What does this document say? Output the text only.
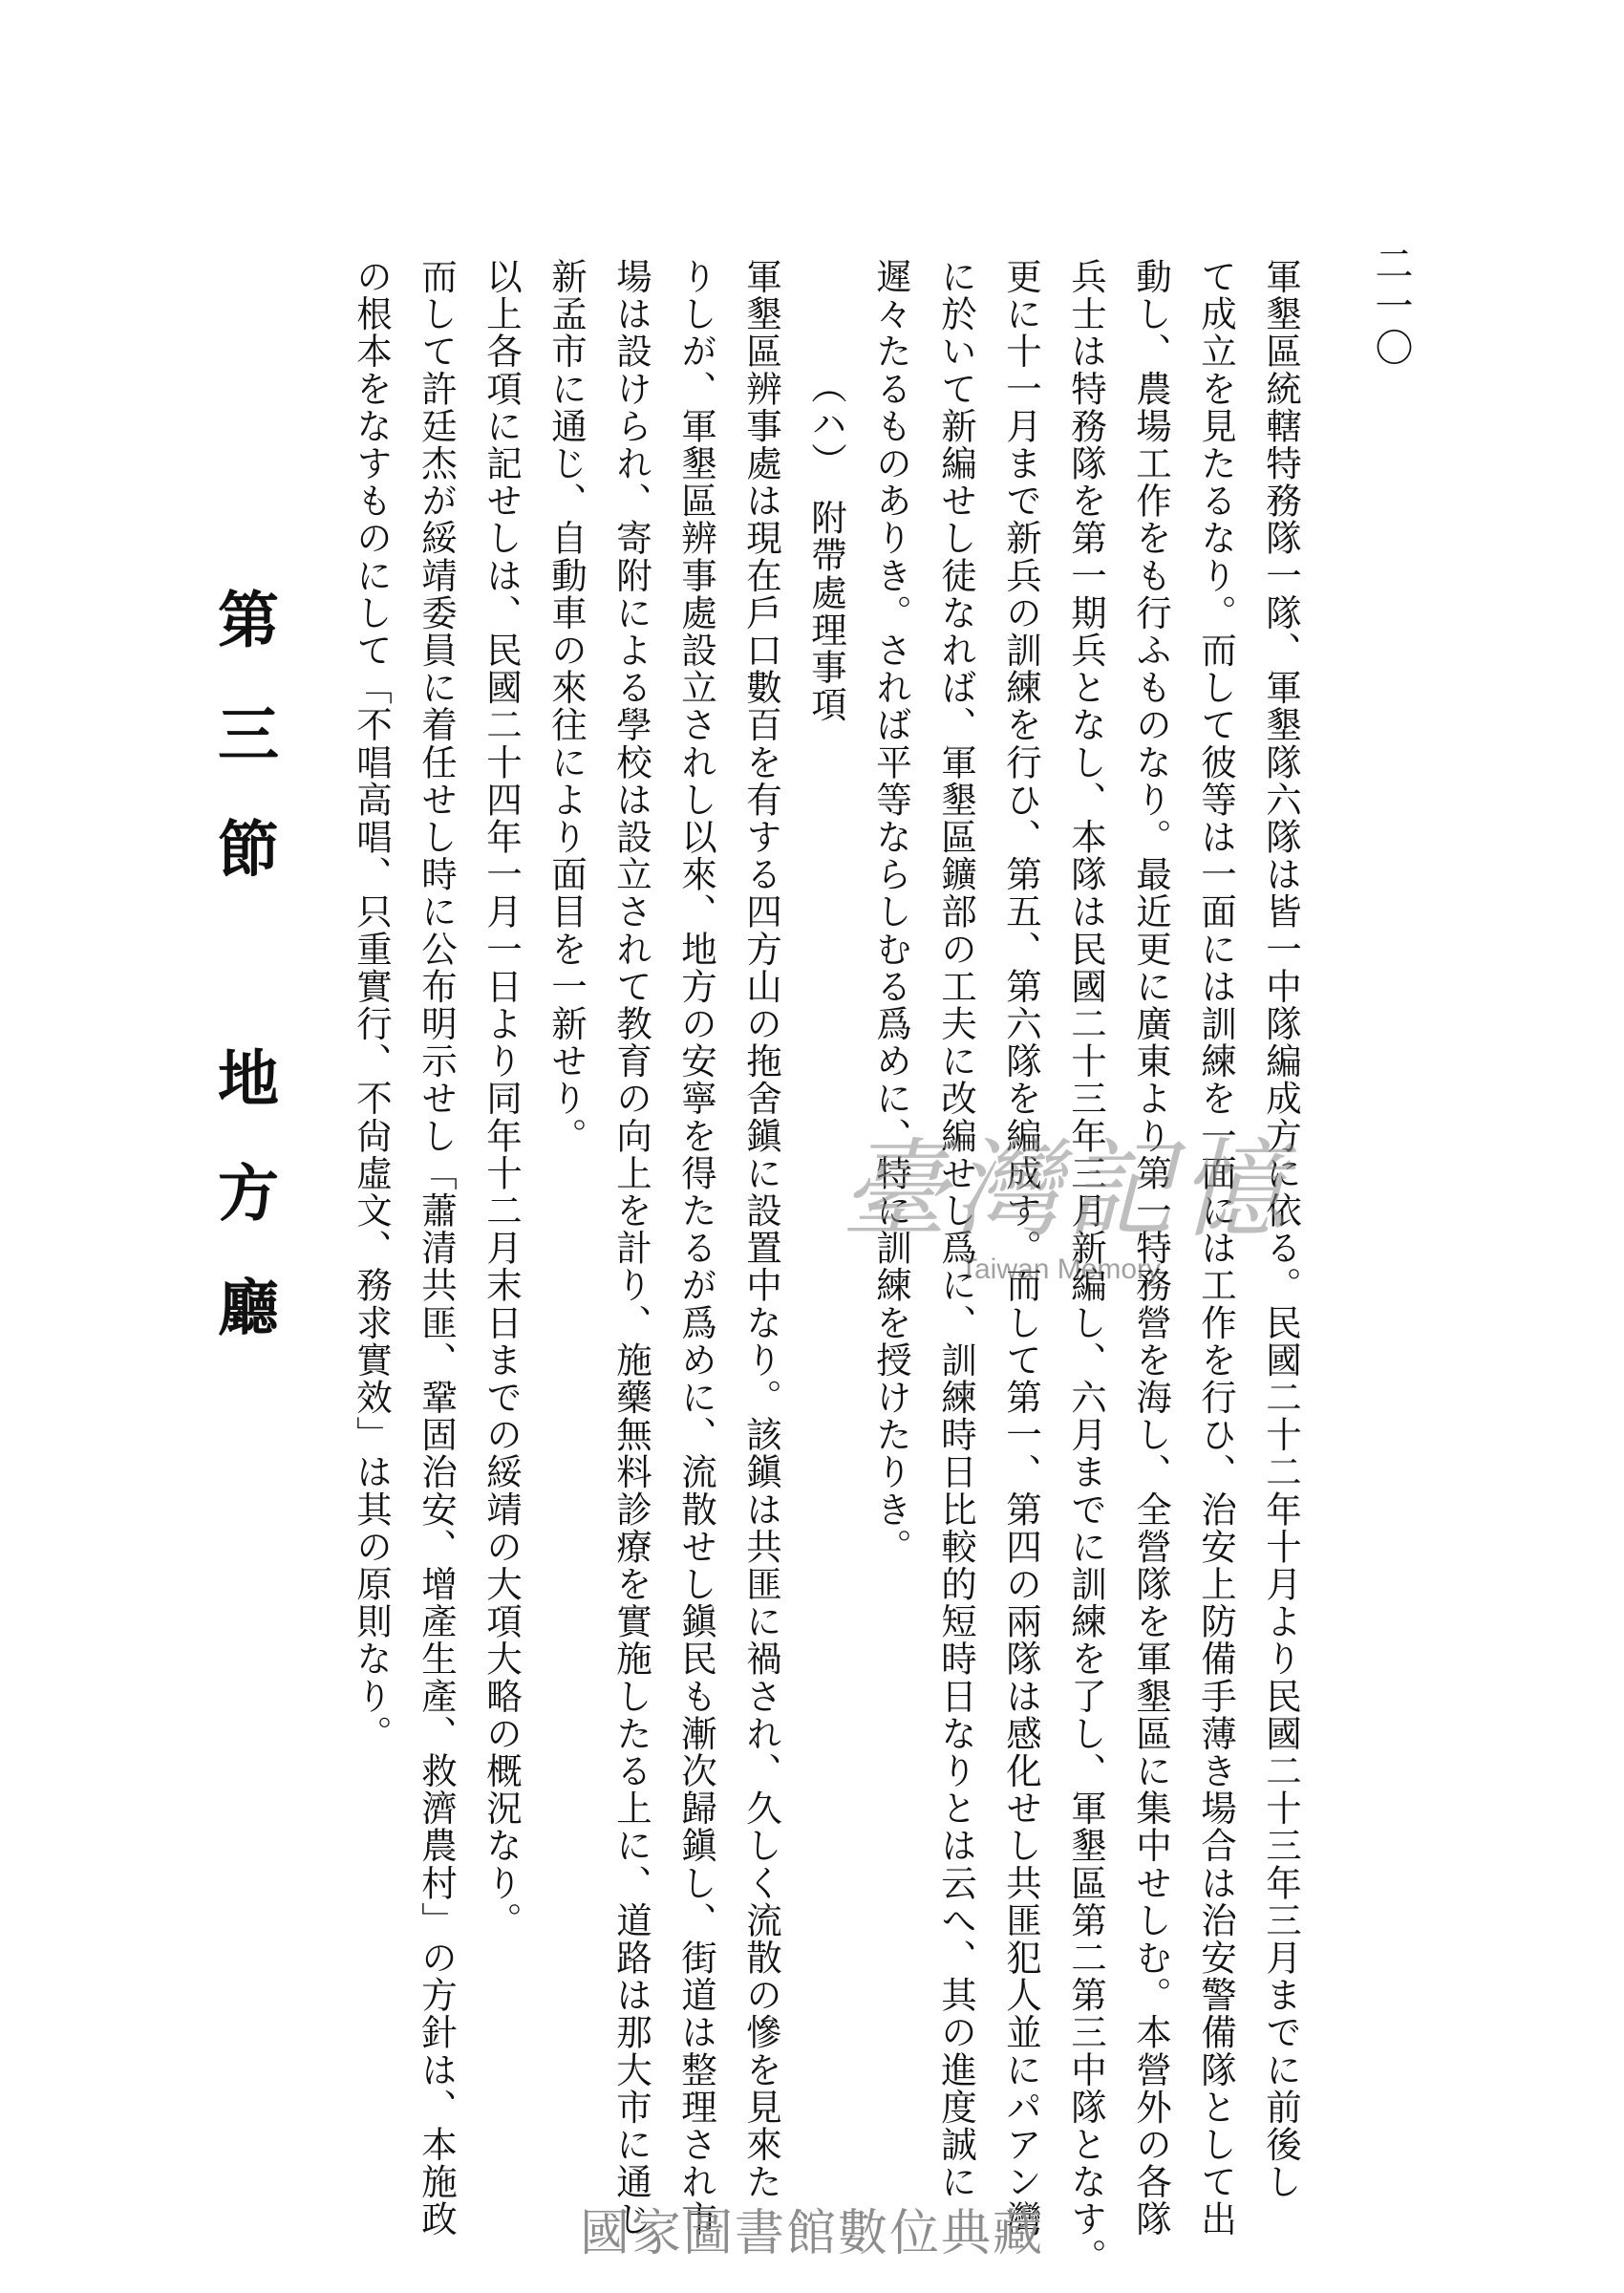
二一〇
軍墾區統轄特務隊一隊、軍墾隊六隊は皆一中隊編成方に依る。民國二十二年十月より民國二十三年三月までに前後し
て成立を見たるなり。而して彼等は一面には訓練を一面には工作を行ひ、治安上防備手薄き場合は治安警備隊として出
動し、農場工作をも行ふものなり。最近更に廣東より第一特務營を海し、全營隊を軍墾區に集中せしむ。本營外の各隊
兵士は特務隊を第一期兵となし、本隊は民國二十三年三月新編し、六月までに訓練を了し、軍墾區第二第三中隊となす。
更に十一月まで新兵の訓練を行ひ、第五、第六隊を編成す。而して第一、第四の兩隊は感化せし共匪犯人並にパアン灣
に於いて新編せし徒なれば、軍墾區鑛部の工夫に改編せし爲に、訓練時日比較的短時日なりとは云へ、其の進度誠に
遲々たるものありき。されば平等ならしむる爲めに、特に訓練を授けたりき。
（ハ）　附帶處理事項
軍墾區辨事處は現在戶口數百を有する四方山の拖舍鎭に設置中なり。該鎭は共匪に禍され、久しく流散の慘を見來た
りしが、軍墾區辨事處設立されし以來、地方の安寧を得たるが爲めに、流散せし鎭民も漸次歸鎭し、街道は整理され市
場は設けられ、寄附による學校は設立されて教育の向上を計り、施藥無料診療を實施したる上に、道路は那大市に通じ
新孟市に通じ、自動車の來往により面目を一新せり。
以上各項に記せしは、民國二十四年一月一日より同年十二月末日までの綏靖の大項大略の概況なり。
而して許廷杰が綏靖委員に着任せし時に公布明示せし「蕭清共匪、鞏固治安、增產生產、救濟農村」の方針は、本施政
の根本をなすものにして「不唱高唱、只重實行、不尙虛文、務求實效」は其の原則なり。
第三節　地方廳	臺灣記憶
Taiwan Memory
國家圖書館數位典藏
